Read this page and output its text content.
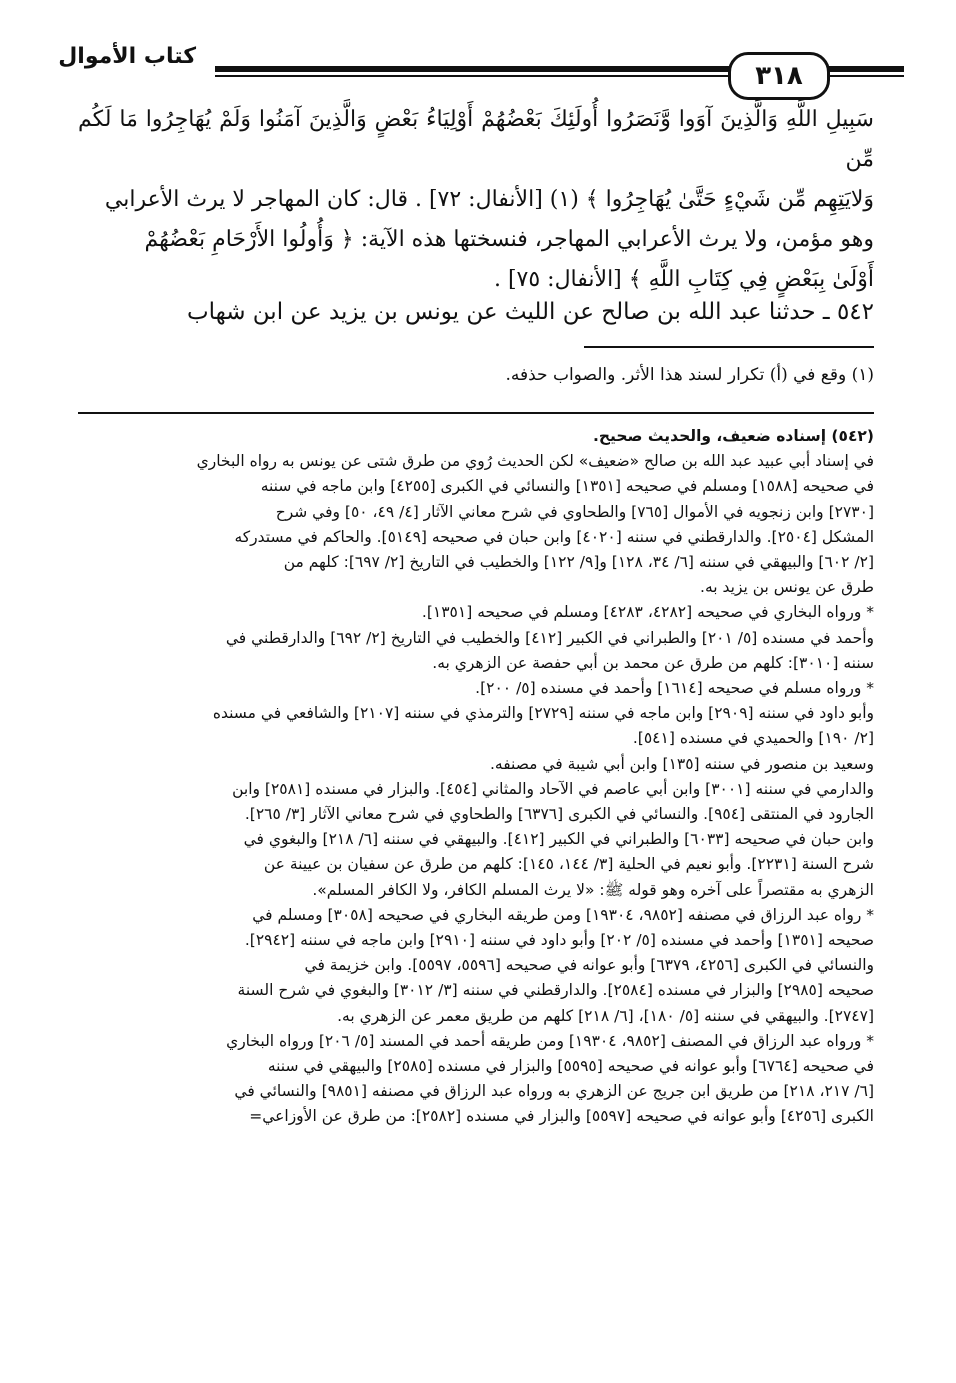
كتاب الأموال
٣١٨

سَبِيلِ اللَّهِ وَالَّذِينَ آوَوا وَّنَصَرُوا أُولَئِكَ بَعْضُهُمْ أَوْلِيَاءُ بَعْضٍ وَالَّذِينَ آمَنُوا وَلَمْ يُهَاجِرُوا مَا لَكُم مِّن

وَلايَتِهِم مِّن شَيْءٍ حَتَّىٰ يُهَاجِرُوا ﴾ (١) [الأنفال: ٧٢] . قال: كان المهاجر لا يرث الأعرابي

وهو مؤمن، ولا يرث الأعرابي المهاجر، فنسختها هذه الآية: ﴿ وَأُولُوا الأَرْحَامِ بَعْضُهُمْ

أَوْلَىٰ بِبَعْضٍ فِي كِتَابِ اللَّهِ ﴾ [الأنفال: ٧٥] .

٥٤٢ ـ حدثنا عبد الله بن صالح عن الليث عن يونس بن يزيد عن ابن شهاب
(١) وقع في (أ) تكرار لسند هذا الأثر. والصواب حذفه.

(٥٤٢) إسناده ضعيف، والحديث صحيح.

في إسناد أبي عبيد عبد الله بن صالح «ضعيف» لكن الحديث رُوي من طرق شتى عن يونس به رواه البخاري

في صحيحه [١٥٨٨] ومسلم في صحيحه [١٣٥١] والنسائي في الكبرى [٤٢٥٥] وابن ماجه في سننه

[٢٧٣٠] وابن زنجويه في الأموال [٧٦٥] والطحاوي في شرح معاني الآثار [٤/ ٤٩، ٥٠] وفي شرح

المشكل [٢٥٠٤]. والدارقطني في سننه [٤٠٢٠] وابن حبان في صحيحه [٥١٤٩]. والحاكم في مستدركه

[٢/ ٦٠٢] والبيهقي في سننه [٦/ ٣٤، ١٢٨] و[٩/ ١٢٢] والخطيب في التاريخ [٢/ ٦٩٧]: كلهم من

طرق عن يونس بن يزيد به.

* ورواه البخاري في صحيحه [٤٢٨٢، ٤٢٨٣] ومسلم في صحيحه [١٣٥١].

وأحمد في مسنده [٥/ ٢٠١] والطبراني في الكبير [٤١٢] والخطيب في التاريخ [٢/ ٦٩٢] والدارقطني في

سننه [٣٠١٠]: كلهم من طرق عن محمد بن أبي حفصة عن الزهري به.

* ورواه مسلم في صحيحه [١٦١٤] وأحمد في مسنده [٥/ ٢٠٠].

وأبو داود في سننه [٢٩٠٩] وابن ماجه في سننه [٢٧٢٩] والترمذي في سننه [٢١٠٧] والشافعي في مسنده

[٢/ ١٩٠] والحميدي في مسنده [٥٤١].

وسعيد بن منصور في سننه [١٣٥] وابن أبي شيبة في مصنفه.

والدارمي في سننه [٣٠٠١] وابن أبي عاصم في الآحاد والمثاني [٤٥٤]. والبزار في مسنده [٢٥٨١] وابن

الجارود في المنتقى [٩٥٤]. والنسائي في الكبرى [٦٣٧٦] والطحاوي في شرح معاني الآثار [٣/ ٢٦٥].

وابن حبان في صحيحه [٦٠٣٣] والطبراني في الكبير [٤١٢]. والبيهقي في سننه [٦/ ٢١٨] والبغوي في

شرح السنة [٢٢٣١]. وأبو نعيم في الحلية [٣/ ١٤٤، ١٤٥]: كلهم من طرق عن سفيان بن عيينة عن

الزهري به مقتصراً على آخره وهو قوله ﷺ: «لا يرث المسلم الكافر، ولا الكافر المسلم».

* رواه عبد الرزاق في مصنفه [٩٨٥٢، ١٩٣٠٤] ومن طريقه البخاري في صحيحه [٣٠٥٨] ومسلم في

صحيحه [١٣٥١] وأحمد في مسنده [٥/ ٢٠٢] وأبو داود في سننه [٢٩١٠] وابن ماجه في سننه [٢٩٤٢].

والنسائي في الكبرى [٤٢٥٦، ٦٣٧٩] وأبو عوانه في صحيحه [٥٥٩٦، ٥٥٩٧]. وابن خزيمة في

صحيحه [٢٩٨٥] والبزار في مسنده [٢٥٨٤]. والدارقطني في سننه [٣/ ٣٠١٢] والبغوي في شرح السنة

[٢٧٤٧]. والبيهقي في سننه [٥/ ١٨٠]، [٦/ ٢١٨] كلهم من طريق معمر عن الزهري به.

* ورواه عبد الرزاق في المصنف [٩٨٥٢، ١٩٣٠٤] ومن طريقه أحمد في المسند [٥/ ٢٠٦] ورواه البخاري

في صحيحه [٦٧٦٤] وأبو عوانه في صحيحه [٥٥٩٥] والبزار في مسنده [٢٥٨٥] والبيهقي في سننه

[٦/ ٢١٧، ٢١٨] من طريق ابن جريج عن الزهري به ورواه عبد الرزاق في مصنفه [٩٨٥١] والنسائي في

الكبرى [٤٢٥٦] وأبو عوانه في صحيحه [٥٥٩٧] والبزار في مسنده [٢٥٨٢]: من طرق عن الأوزاعي=
